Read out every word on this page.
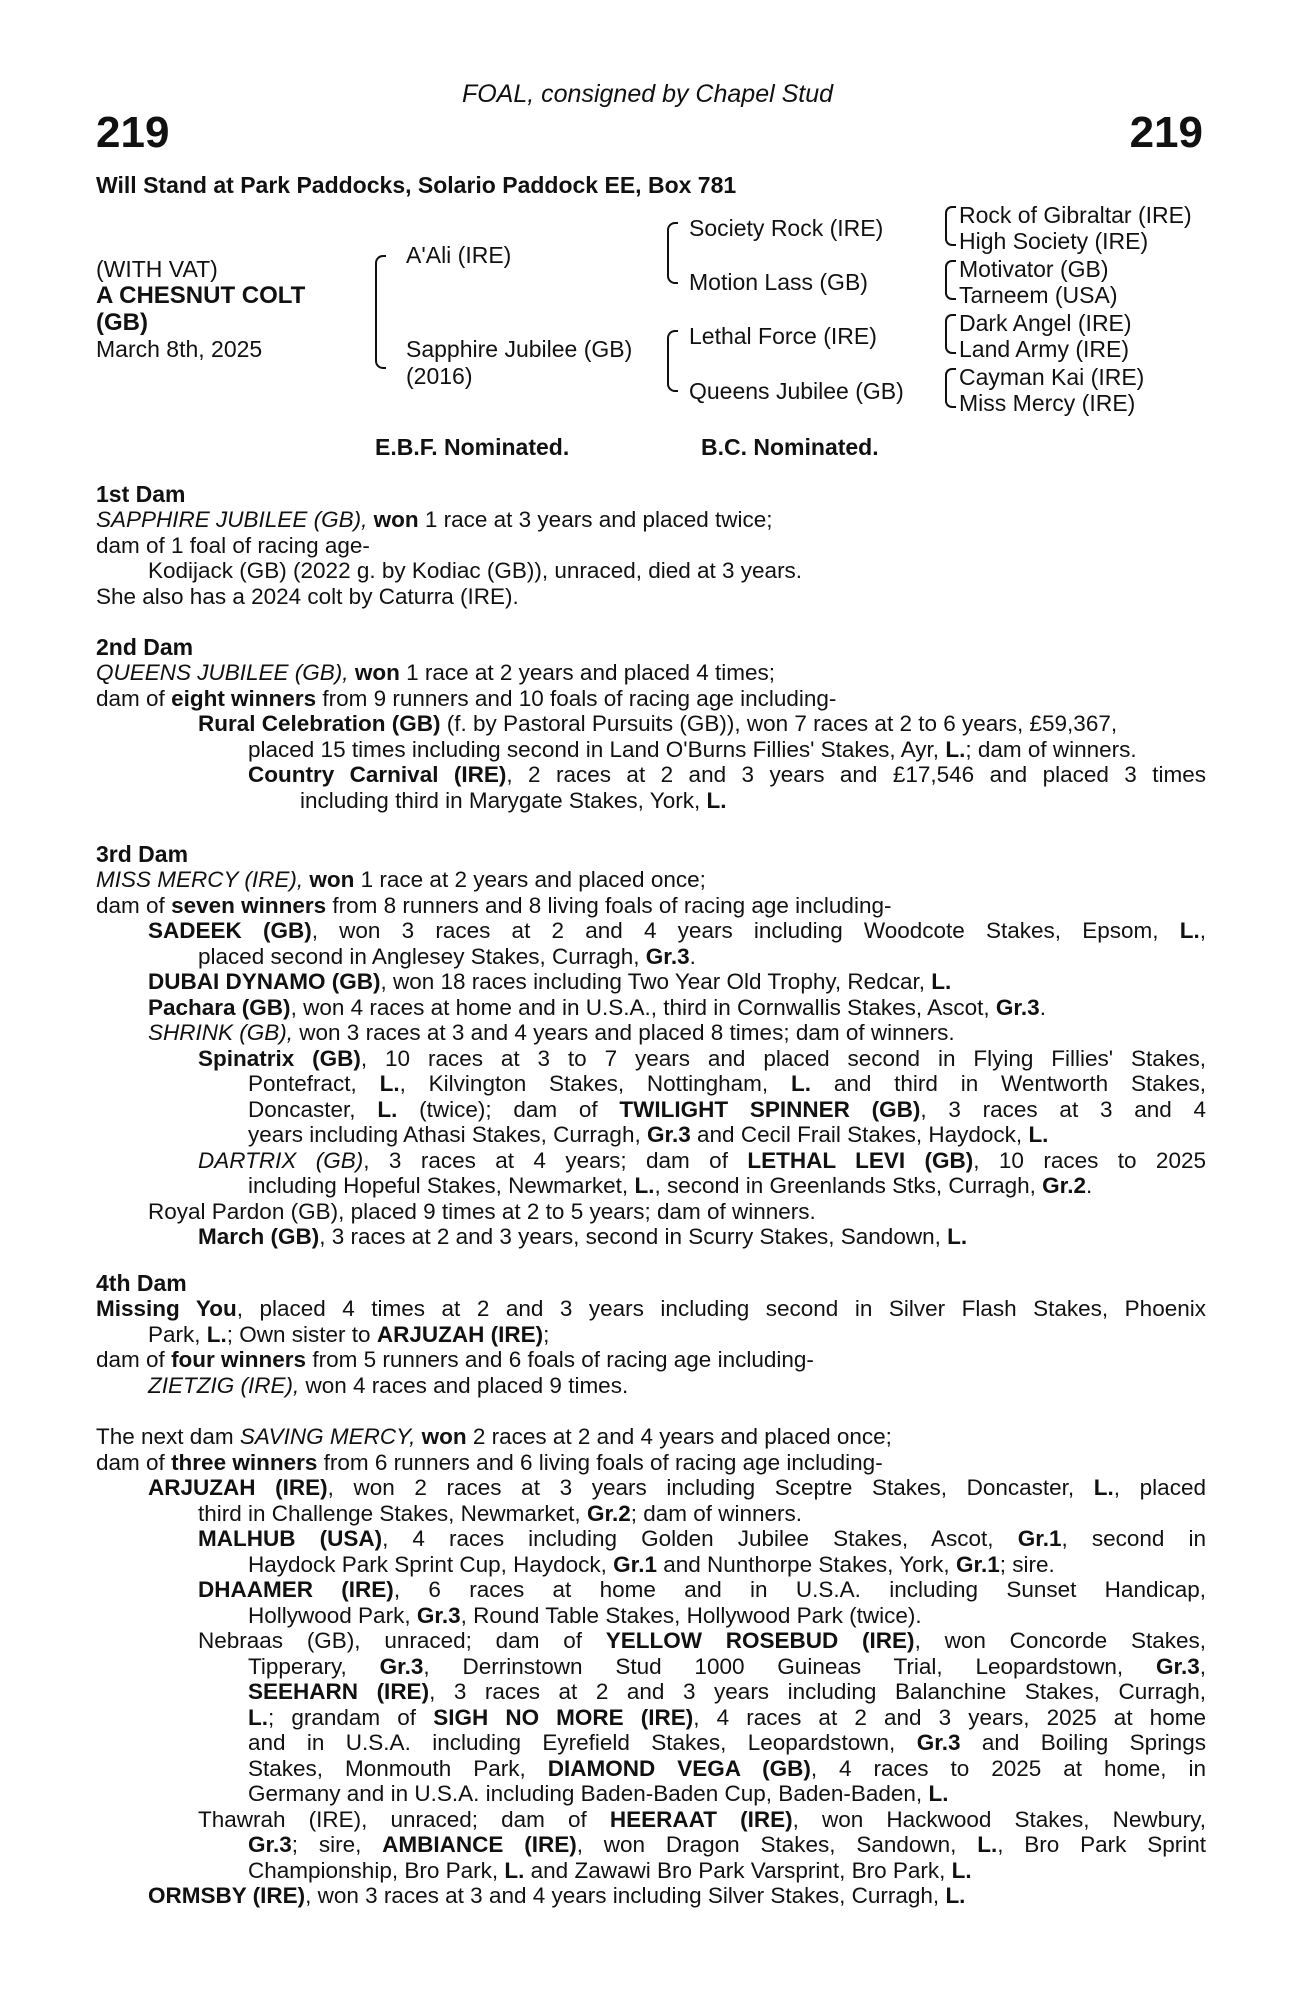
FOAL, consigned by Chapel Stud
219	219
Will Stand at Park Paddocks, Solario Paddock EE, Box 781
(WITH VAT)
A CHESNUT COLT
(GB)
March 8th, 2025
A'Ali (IRE)
Sapphire Jubilee (GB)
(2016)
Society Rock (IRE)
Motion Lass (GB)
Lethal Force (IRE)
Queens Jubilee (GB)
Rock of Gibraltar (IRE)
High Society (IRE)
Motivator (GB)
Tarneem (USA)
Dark Angel (IRE)
Land Army (IRE)
Cayman Kai (IRE)
Miss Mercy (IRE)
E.B.F. Nominated.	B.C. Nominated.

1st Dam

SAPPHIRE JUBILEE (GB), won 1 race at 3 years and placed twice;
dam of 1 foal of racing age-
Kodijack (GB) (2022 g. by Kodiac (GB)), unraced, died at 3 years.
She also has a 2024 colt by Caturra (IRE).

2nd Dam

QUEENS JUBILEE (GB), won 1 race at 2 years and placed 4 times;
dam of eight winners from 9 runners and 10 foals of racing age including-
Rural Celebration (GB) (f. by Pastoral Pursuits (GB)), won 7 races at 2 to 6 years, £59,367,
placed 15 times including second in Land O'Burns Fillies' Stakes, Ayr, L.; dam of winners.
Country Carnival (IRE), 2 races at 2 and 3 years and £17,546 and placed 3 times
including third in Marygate Stakes, York, L.

3rd Dam

MISS MERCY (IRE), won 1 race at 2 years and placed once;
dam of seven winners from 8 runners and 8 living foals of racing age including-
SADEEK (GB), won 3 races at 2 and 4 years including Woodcote Stakes, Epsom, L.,
placed second in Anglesey Stakes, Curragh, Gr.3.
DUBAI DYNAMO (GB), won 18 races including Two Year Old Trophy, Redcar, L.
Pachara (GB), won 4 races at home and in U.S.A., third in Cornwallis Stakes, Ascot, Gr.3.
SHRINK (GB), won 3 races at 3 and 4 years and placed 8 times; dam of winners.
Spinatrix (GB), 10 races at 3 to 7 years and placed second in Flying Fillies' Stakes,
Pontefract, L., Kilvington Stakes, Nottingham, L. and third in Wentworth Stakes,
Doncaster, L. (twice); dam of TWILIGHT SPINNER (GB), 3 races at 3 and 4
years including Athasi Stakes, Curragh, Gr.3 and Cecil Frail Stakes, Haydock, L.
DARTRIX (GB), 3 races at 4 years; dam of LETHAL LEVI (GB), 10 races to 2025
including Hopeful Stakes, Newmarket, L., second in Greenlands Stks, Curragh, Gr.2.
Royal Pardon (GB), placed 9 times at 2 to 5 years; dam of winners.
March (GB), 3 races at 2 and 3 years, second in Scurry Stakes, Sandown, L.

4th Dam

Missing You, placed 4 times at 2 and 3 years including second in Silver Flash Stakes, Phoenix
Park, L.; Own sister to ARJUZAH (IRE);
dam of four winners from 5 runners and 6 foals of racing age including-
ZIETZIG (IRE), won 4 races and placed 9 times.
The next dam SAVING MERCY, won 2 races at 2 and 4 years and placed once;
dam of three winners from 6 runners and 6 living foals of racing age including-
ARJUZAH (IRE), won 2 races at 3 years including Sceptre Stakes, Doncaster, L., placed
third in Challenge Stakes, Newmarket, Gr.2; dam of winners.
MALHUB (USA), 4 races including Golden Jubilee Stakes, Ascot, Gr.1, second in
Haydock Park Sprint Cup, Haydock, Gr.1 and Nunthorpe Stakes, York, Gr.1; sire.
DHAAMER (IRE), 6 races at home and in U.S.A. including Sunset Handicap,
Hollywood Park, Gr.3, Round Table Stakes, Hollywood Park (twice).
Nebraas (GB), unraced; dam of YELLOW ROSEBUD (IRE), won Concorde Stakes,
Tipperary, Gr.3, Derrinstown Stud 1000 Guineas Trial, Leopardstown, Gr.3,
SEEHARN (IRE), 3 races at 2 and 3 years including Balanchine Stakes, Curragh,
L.; grandam of SIGH NO MORE (IRE), 4 races at 2 and 3 years, 2025 at home
and in U.S.A. including Eyrefield Stakes, Leopardstown, Gr.3 and Boiling Springs
Stakes, Monmouth Park, DIAMOND VEGA (GB), 4 races to 2025 at home, in
Germany and in U.S.A. including Baden-Baden Cup, Baden-Baden, L.
Thawrah (IRE), unraced; dam of HEERAAT (IRE), won Hackwood Stakes, Newbury,
Gr.3; sire, AMBIANCE (IRE), won Dragon Stakes, Sandown, L., Bro Park Sprint
Championship, Bro Park, L. and Zawawi Bro Park Varsprint, Bro Park, L.
ORMSBY (IRE), won 3 races at 3 and 4 years including Silver Stakes, Curragh, L.
